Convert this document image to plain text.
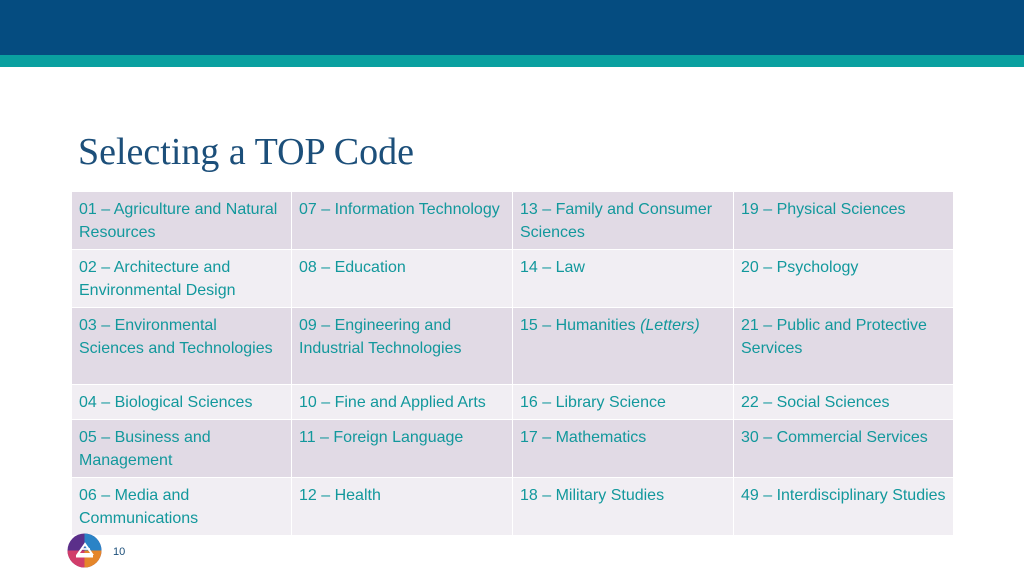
Selecting a TOP Code
01 – Agriculture and Natural Resources	07 – Information Technology	13 – Family and Consumer Sciences	19 – Physical Sciences
02 – Architecture and Environmental Design	08 – Education	14 – Law	20 – Psychology
03 – Environmental Sciences and Technologies	09 – Engineering and Industrial Technologies	15 – Humanities (Letters)	21 – Public and Protective Services
04 – Biological Sciences	10 – Fine and Applied Arts	16 – Library Science	22 – Social Sciences
05 – Business and Management	11 – Foreign Language	17 – Mathematics	30 – Commercial Services
06 – Media and Communications	12 – Health	18 – Military Studies	49 – Interdisciplinary Studies
10
